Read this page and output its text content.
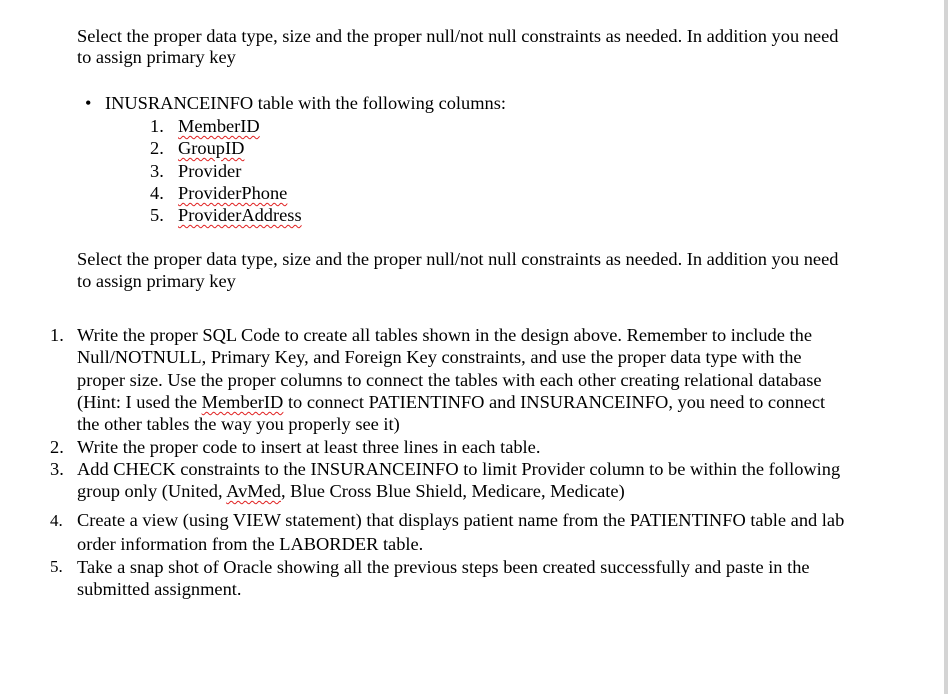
Select the proper data type, size and the proper null/not null constraints as needed. In addition you need
to assign primary key
• INUSRANCEINFO table with the following columns:
1. MemberID
2. GroupID
3. Provider
4. ProviderPhone
5. ProviderAddress
Select the proper data type, size and the proper null/not null constraints as needed. In addition you need
to assign primary key
1. Write the proper SQL Code to create all tables shown in the design above. Remember to include the
Null/NOTNULL, Primary Key, and Foreign Key constraints, and use the proper data type with the
proper size. Use the proper columns to connect the tables with each other creating relational database
(Hint: I used the MemberID to connect PATIENTINFO and INSURANCEINFO, you need to connect
the other tables the way you properly see it)
2. Write the proper code to insert at least three lines in each table.
3. Add CHECK constraints to the INSURANCEINFO to limit Provider column to be within the following
group only (United, AvMed, Blue Cross Blue Shield, Medicare, Medicate)
4. Create a view (using VIEW statement) that displays patient name from the PATIENTINFO table and lab
order information from the LABORDER table.
5. Take a snap shot of Oracle showing all the previous steps been created successfully and paste in the
submitted assignment.
